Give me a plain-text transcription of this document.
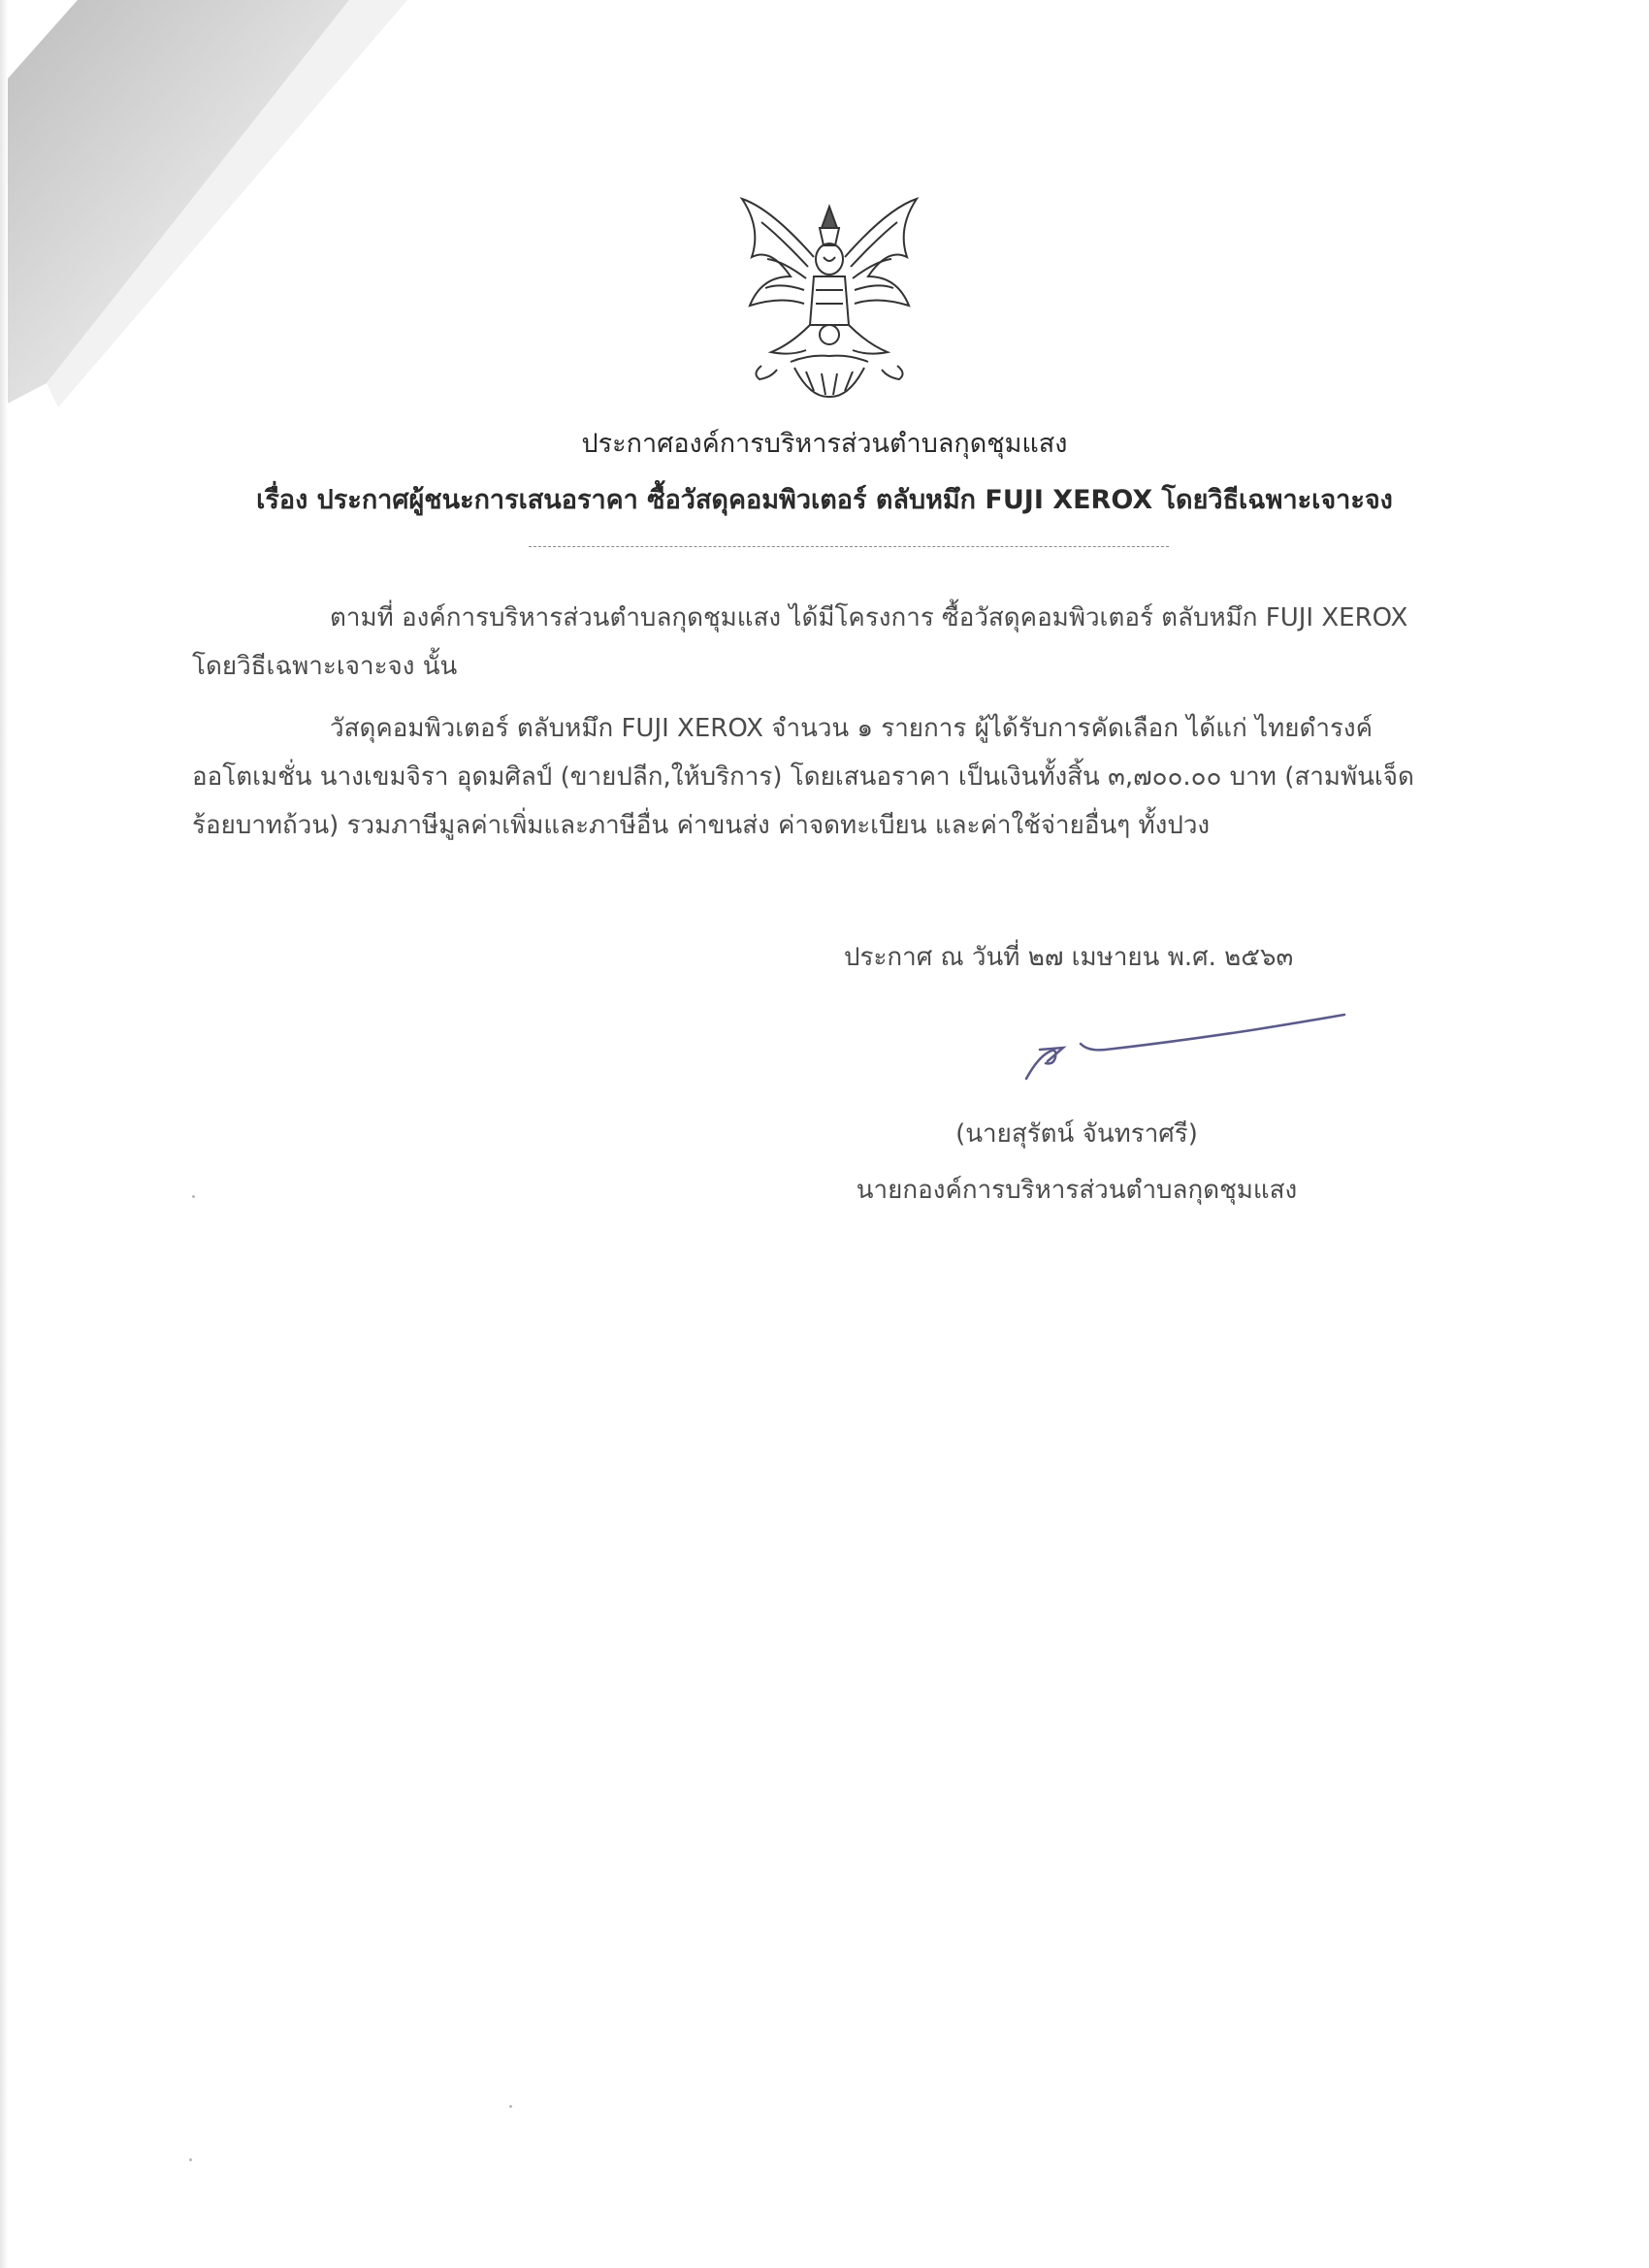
ประกาศองค์การบริหารส่วนตำบลกุดชุมแสง
เรื่อง ประกาศผู้ชนะการเสนอราคา ซื้อวัสดุคอมพิวเตอร์ ตลับหมึก FUJI XEROX โดยวิธีเฉพาะเจาะจง
ตามที่ องค์การบริหารส่วนตำบลกุดชุมแสง ได้มีโครงการ ซื้อวัสดุคอมพิวเตอร์ ตลับหมึก FUJI XEROX
โดยวิธีเฉพาะเจาะจง นั้น
วัสดุคอมพิวเตอร์ ตลับหมึก FUJI XEROX จำนวน ๑ รายการ ผู้ได้รับการคัดเลือก ได้แก่ ไทยดำรงค์
ออโตเมชั่น นางเขมจิรา อุดมศิลป์ (ขายปลีก,ให้บริการ) โดยเสนอราคา เป็นเงินทั้งสิ้น ๓,๗๐๐.๐๐ บาท (สามพันเจ็ด
ร้อยบาทถ้วน) รวมภาษีมูลค่าเพิ่มและภาษีอื่น ค่าขนส่ง ค่าจดทะเบียน และค่าใช้จ่ายอื่นๆ ทั้งปวง
ประกาศ ณ วันที่ ๒๗ เมษายน พ.ศ. ๒๕๖๓
(นายสุรัตน์ จันทราศรี)
นายกองค์การบริหารส่วนตำบลกุดชุมแสง
